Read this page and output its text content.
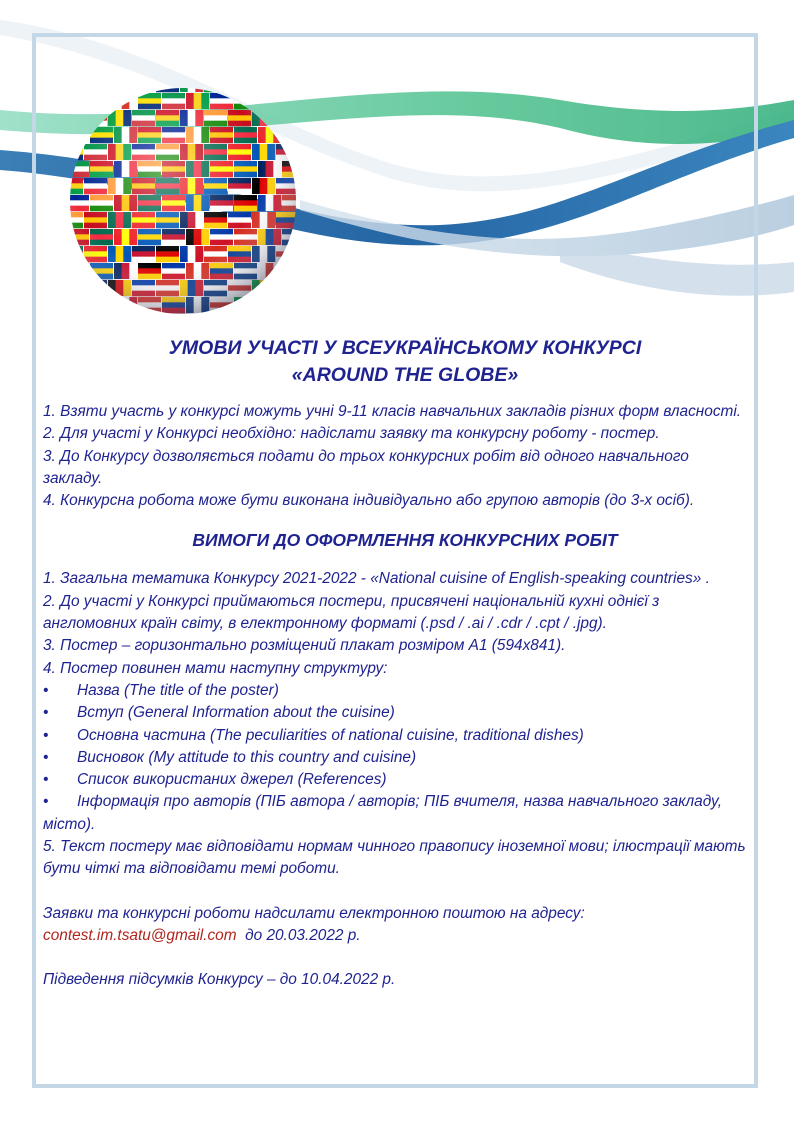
УМОВИ УЧАСТІ У ВСЕУКРАЇНСЬКОМУ КОНКУРСІ
«AROUND THE GLOBE»

1. Взяти участь у конкурсі можуть учні 9-11 класів навчальних закладів різних форм власності.

2. Для участі у Конкурсі необхідно: надіслати заявку та конкурсну роботу - постер.

3. До Конкурсу дозволяється подати до трьох конкурсних робіт від одного навчального закладу.

4. Конкурсна робота може бути виконана індивідуально або групою авторів (до 3-х осіб).

ВИМОГИ ДО ОФОРМЛЕННЯ КОНКУРСНИХ РОБІТ

1. Загальна тематика Конкурсу 2021-2022 - «National cuisine of English-speaking countries» .

2. До участі у Конкурсі приймаються постери, присвячені національній кухні однієї з англомовних країн світу, в електронному форматі (.psd / .ai / .cdr / .cpt / .jpg).

3. Постер – горизонтально розміщений плакат розміром А1 (594х841).

4. Постер повинен мати наступну структуру:

•	Назва (The title of the poster)
•	Вступ (General Information about the cuisine)
•	Основна частина (The peculiarities of national cuisine, traditional dishes)
•	Висновок (My attitude to this country and cuisine)
•	Список використаних джерел (References)

• Інформація про авторів (ПІБ автора / авторів; ПІБ вчителя, назва навчального закладу, місто).

5. Текст постеру має відповідати нормам чинного правопису іноземної мови; ілюстрації мають бути чіткі та відповідати темі роботи.

Заявки та конкурсні роботи надсилати електронною поштою на адресу:

contest.im.tsatu@gmail.com  до 20.03.2022 р.

Підведення підсумків Конкурсу – до 10.04.2022 р.
